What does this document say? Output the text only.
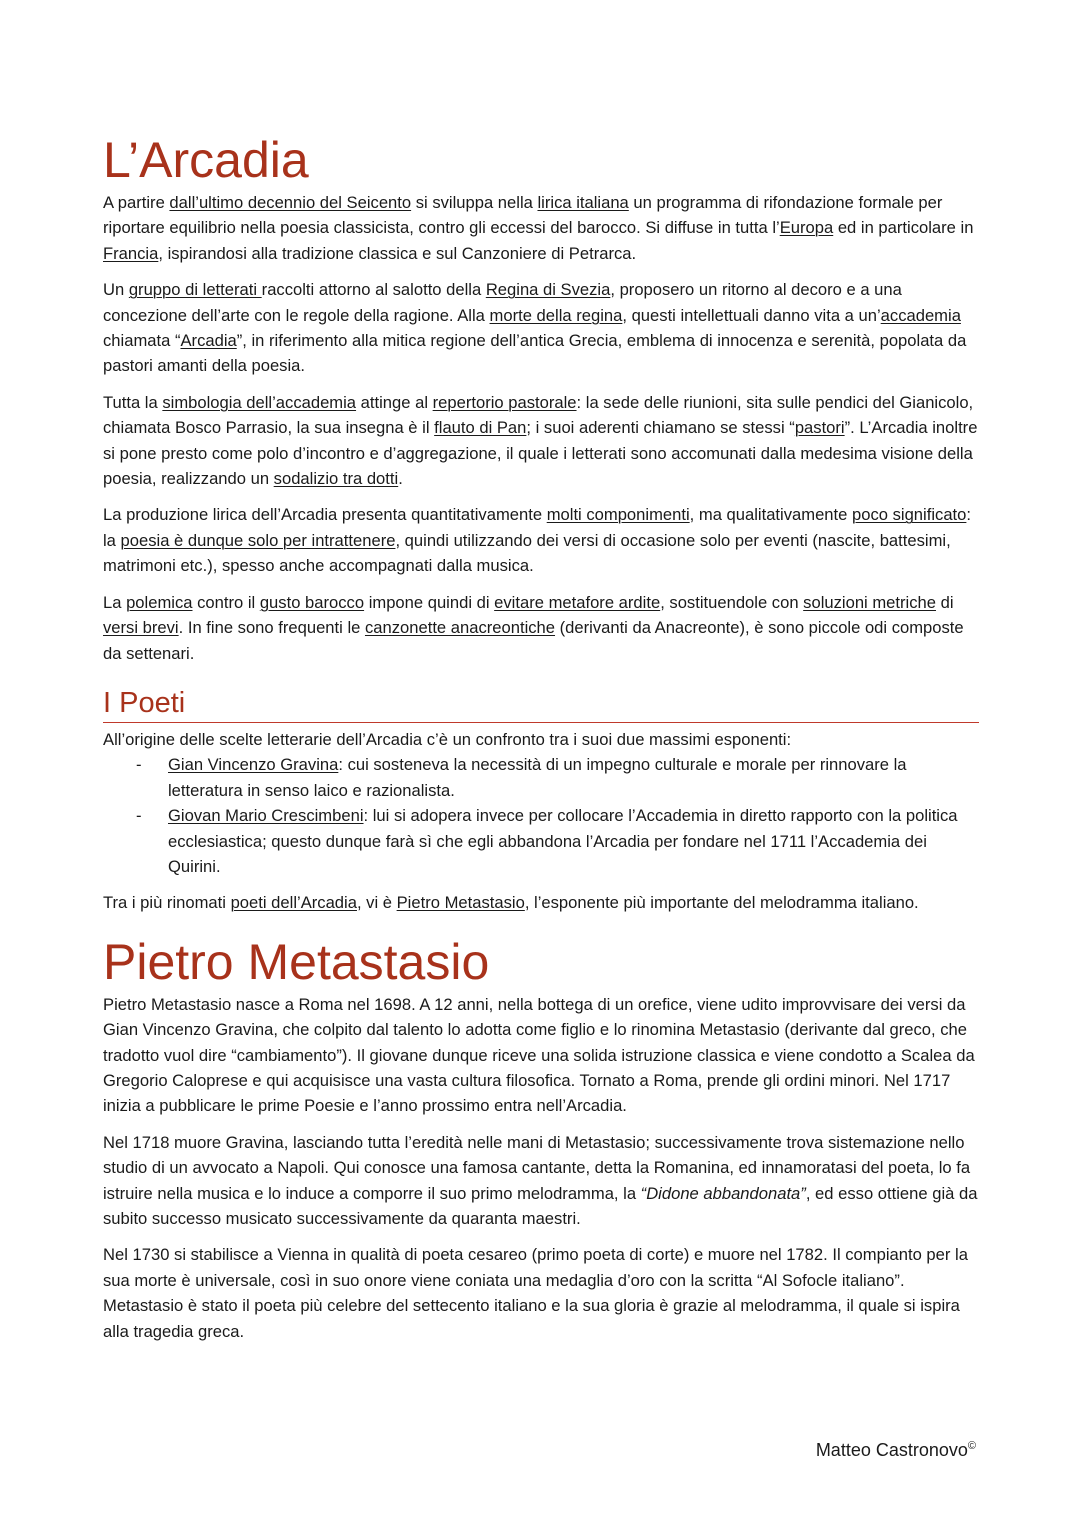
L’Arcadia

A partire dall’ultimo decennio del Seicento si sviluppa nella lirica italiana un programma di rifondazione formale per riportare equilibrio nella poesia classicista, contro gli eccessi del barocco. Si diffuse in tutta l’Europa ed in particolare in Francia, ispirandosi alla tradizione classica e sul Canzoniere di Petrarca.

Un gruppo di letterati raccolti attorno al salotto della Regina di Svezia, proposero un ritorno al decoro e a una concezione dell’arte con le regole della ragione. Alla morte della regina, questi intellettuali danno vita a un’accademia chiamata “Arcadia”, in riferimento alla mitica regione dell’antica Grecia, emblema di innocenza e serenità, popolata da pastori amanti della poesia.

Tutta la simbologia dell’accademia attinge al repertorio pastorale: la sede delle riunioni, sita sulle pendici del Gianicolo, chiamata Bosco Parrasio, la sua insegna è il flauto di Pan; i suoi aderenti chiamano se stessi “pastori”. L’Arcadia inoltre si pone presto come polo d’incontro e d’aggregazione, il quale i letterati sono accomunati dalla medesima visione della poesia, realizzando un sodalizio tra dotti.

La produzione lirica dell’Arcadia presenta quantitativamente molti componimenti, ma qualitativamente poco significato: la poesia è dunque solo per intrattenere, quindi utilizzando dei versi di occasione solo per eventi (nascite, battesimi, matrimoni etc.), spesso anche accompagnati dalla musica.

La polemica contro il gusto barocco impone quindi di evitare metafore ardite, sostituendole con soluzioni metriche di versi brevi. In fine sono frequenti le canzonette anacreontiche (derivanti da Anacreonte), è sono piccole odi composte da settenari.

I Poeti

All’origine delle scelte letterarie dell’Arcadia c’è un confronto tra i suoi due massimi esponenti:

- Gian Vincenzo Gravina: cui sosteneva la necessità di un impegno culturale e morale per rinnovare la letteratura in senso laico e razionalista.
- Giovan Mario Crescimbeni: lui si adopera invece per collocare l’Accademia in diretto rapporto con la politica ecclesiastica; questo dunque farà sì che egli abbandona l’Arcadia per fondare nel 1711 l’Accademia dei Quirini.

Tra i più rinomati poeti dell’Arcadia, vi è Pietro Metastasio, l’esponente più importante del melodramma italiano.

Pietro Metastasio

Pietro Metastasio nasce a Roma nel 1698. A 12 anni, nella bottega di un orefice, viene udito improvvisare dei versi da Gian Vincenzo Gravina, che colpito dal talento lo adotta come figlio e lo rinomina Metastasio (derivante dal greco, che tradotto vuol dire “cambiamento”). Il giovane dunque riceve una solida istruzione classica e viene condotto a Scalea da Gregorio Caloprese e qui acquisisce una vasta cultura filosofica. Tornato a Roma, prende gli ordini minori. Nel 1717 inizia a pubblicare le prime Poesie e l’anno prossimo entra nell’Arcadia.

Nel 1718 muore Gravina, lasciando tutta l’eredità nelle mani di Metastasio; successivamente trova sistemazione nello studio di un avvocato a Napoli. Qui conosce una famosa cantante, detta la Romanina, ed innamoratasi del poeta, lo fa istruire nella musica e lo induce a comporre il suo primo melodramma, la “Didone abbandonata”, ed esso ottiene già da subito successo musicato successivamente da quaranta maestri.

Nel 1730 si stabilisce a Vienna in qualità di poeta cesareo (primo poeta di corte) e muore nel 1782. Il compianto per la sua morte è universale, così in suo onore viene coniata una medaglia d’oro con la scritta “Al Sofocle italiano”. Metastasio è stato il poeta più celebre del settecento italiano e la sua gloria è grazie al melodramma, il quale si ispira alla tragedia greca.

Matteo Castronovo©
